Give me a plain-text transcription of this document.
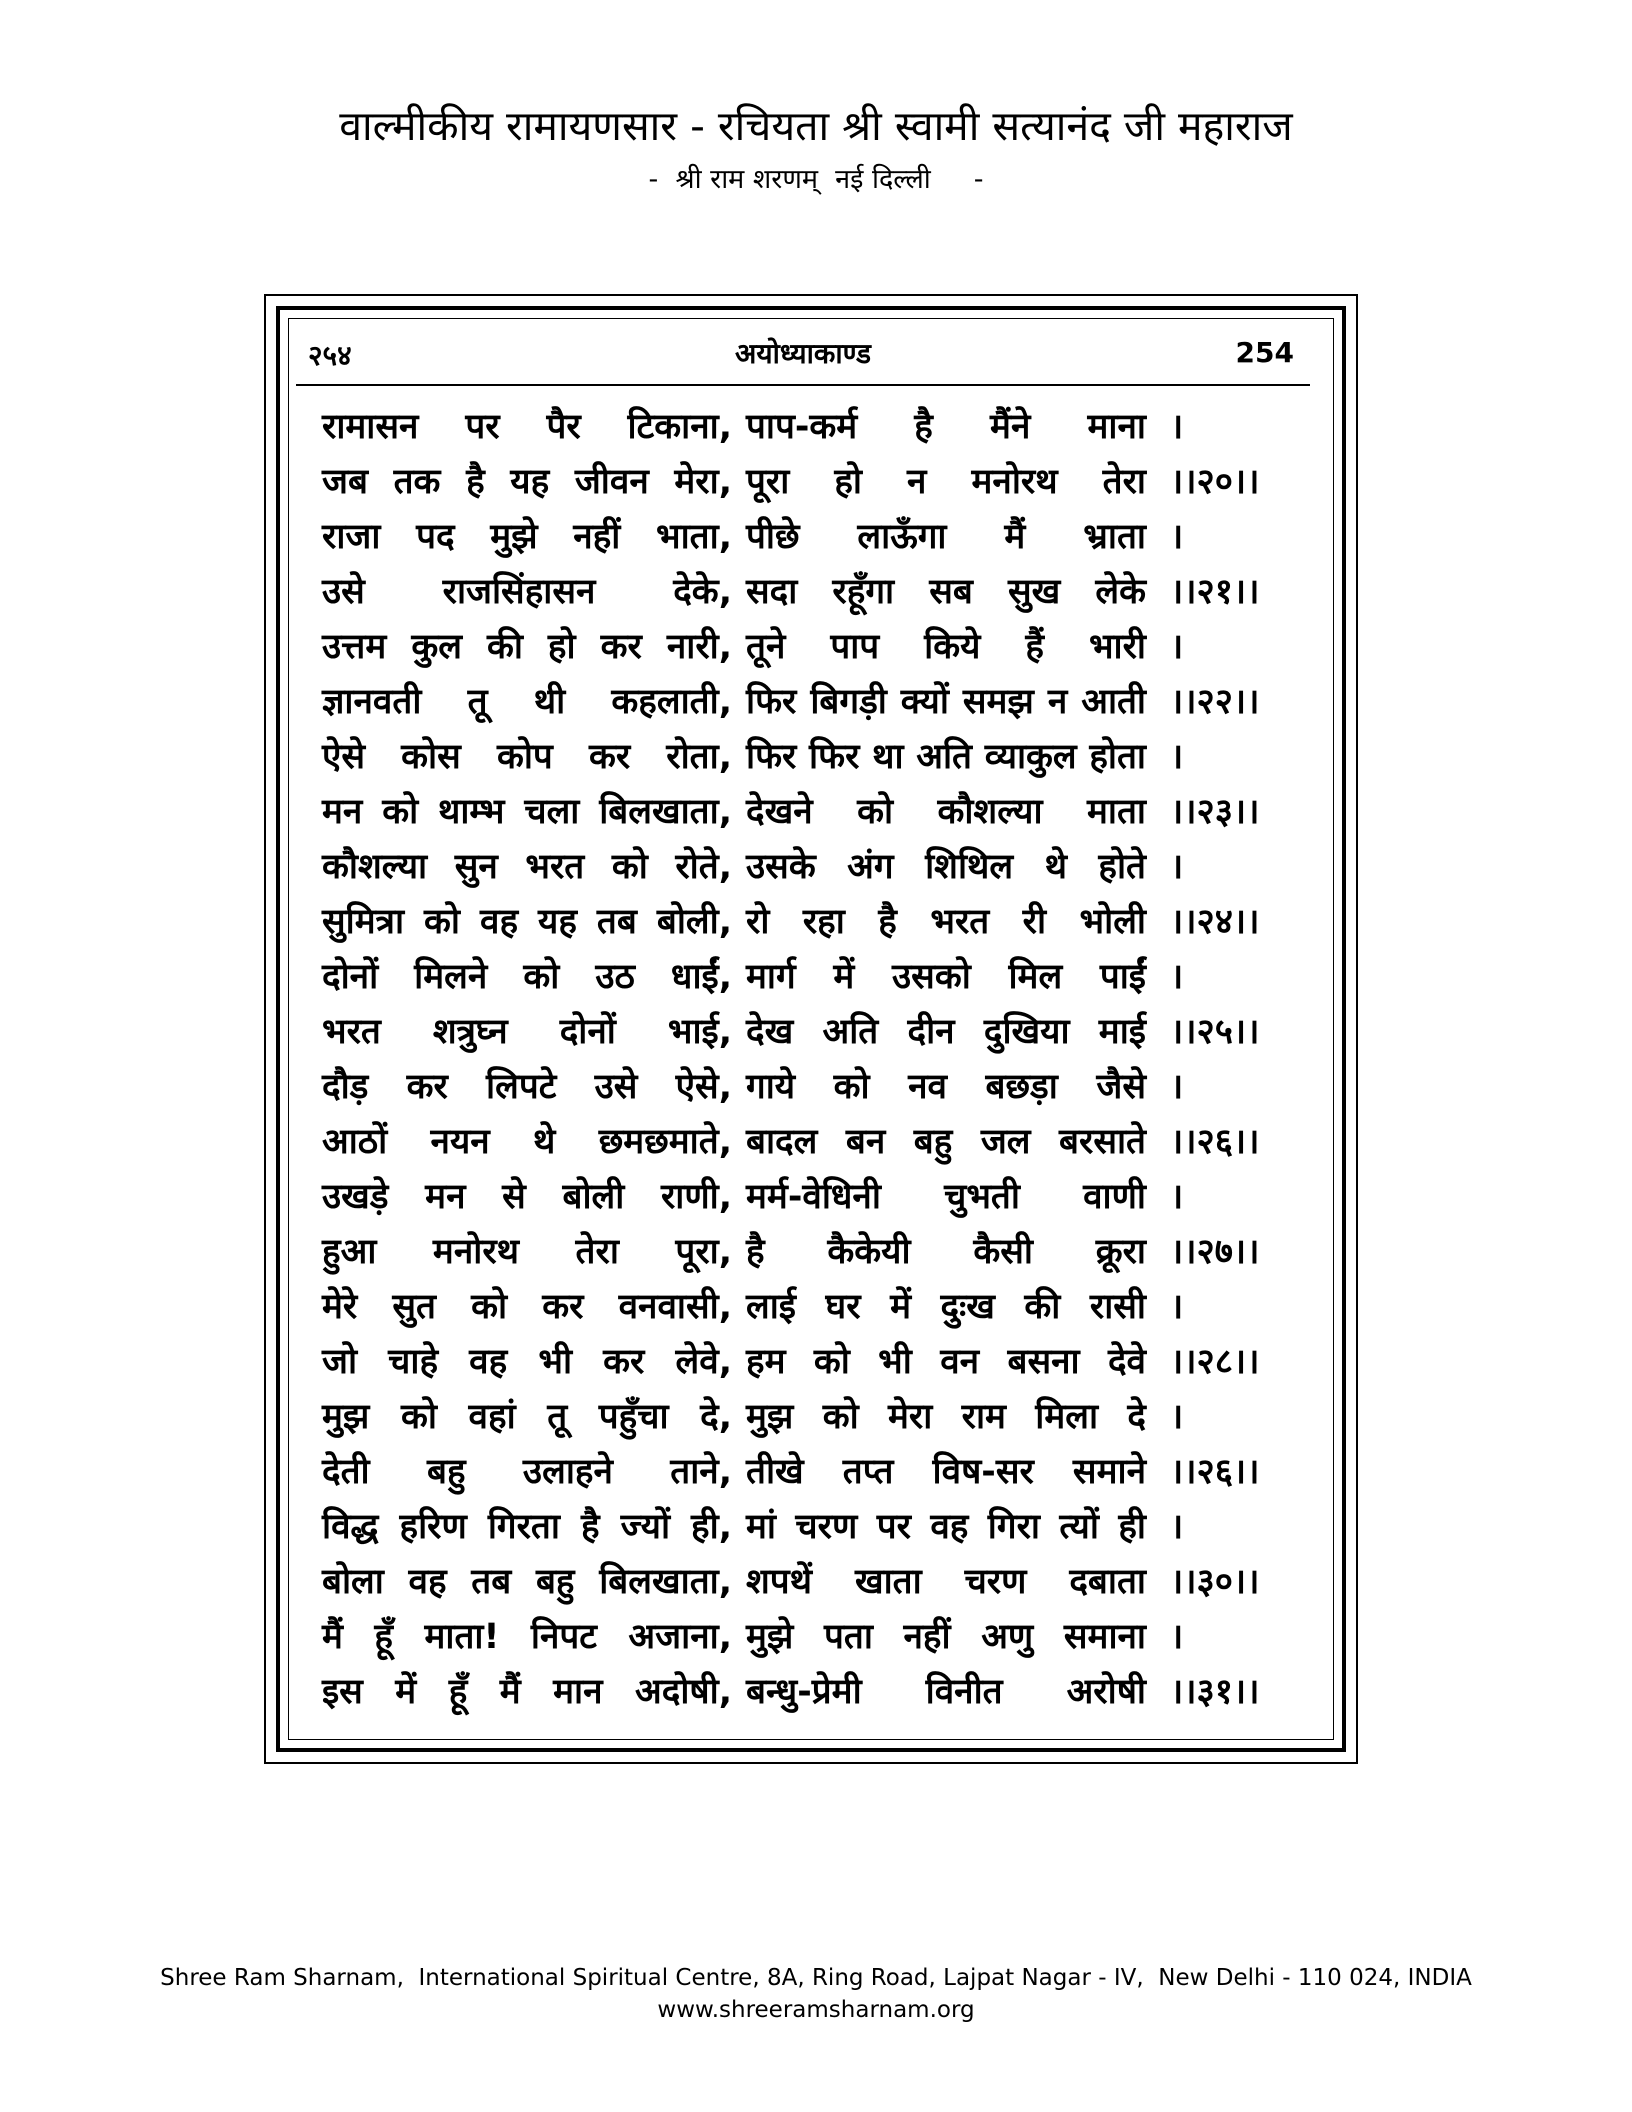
वाल्मीकीय रामायणसार - रचियता श्री स्वामी सत्यानंद जी महाराज
-  श्री राम शरणम्  नई दिल्ली     -
२५४	अयोध्याकाण्ड	254
रामासन पर पैर टिकाना, पाप-कर्म है मैंने माना ।
जब तक है यह जीवन मेरा, पूरा हो न मनोरथ तेरा ।।२०।।
राजा पद मुझे नहीं भाता, पीछे लाऊँगा मैं भ्राता ।
उसे राजसिंहासन देके, सदा रहूँगा सब सुख लेके ।।२१।।
उत्तम कुल की हो कर नारी, तूने पाप किये हैं भारी ।
ज्ञानवती तू थी कहलाती, फिर बिगड़ी क्यों समझ न आती ।।२२।।
ऐसे कोस कोप कर रोता, फिर फिर था अति व्याकुल होता ।
मन को थाम्भ चला बिलखाता, देखने को कौशल्या माता ।।२३।।
कौशल्या सुन भरत को रोते, उसके अंग शिथिल थे होते ।
सुमित्रा को वह यह तब बोली, रो रहा है भरत री भोली ।।२४।।
दोनों मिलने को उठ धाईं, मार्ग में उसको मिल पाईं ।
भरत शत्रुघ्न दोनों भाई, देख अति दीन दुखिया माई ।।२५।।
दौड़ कर लिपटे उसे ऐसे, गाये को नव बछड़ा जैसे ।
आठों नयन थे छमछमाते, बादल बन बहु जल बरसाते ।।२६।।
उखड़े मन से बोली राणी, मर्म-वेधिनी चुभती वाणी ।
हुआ मनोरथ तेरा पूरा, है कैकेयी कैसी क्रूरा ।।२७।।
मेरे सुत को कर वनवासी, लाई घर में दुःख की रासी ।
जो चाहे वह भी कर लेवे, हम को भी वन बसना देवे ।।२८।।
मुझ को वहां तू पहुँचा दे, मुझ को मेरा राम मिला दे ।
देती बहु उलाहने ताने, तीखे तप्त विष-सर समाने ।।२६।।
विद्ध हरिण गिरता है ज्यों ही, मां चरण पर वह गिरा त्यों ही ।
बोला वह तब बहु बिलखाता, शपथें खाता चरण दबाता ।।३०।।
मैं हूँ माता! निपट अजाना, मुझे पता नहीं अणु समाना ।
इस में हूँ मैं मान अदोषी, बन्धु-प्रेमी विनीत अरोषी ।।३१।।
Shree Ram Sharnam,  International Spiritual Centre, 8A, Ring Road, Lajpat Nagar - IV,  New Delhi - 110 024, INDIA
www.shreeramsharnam.org
